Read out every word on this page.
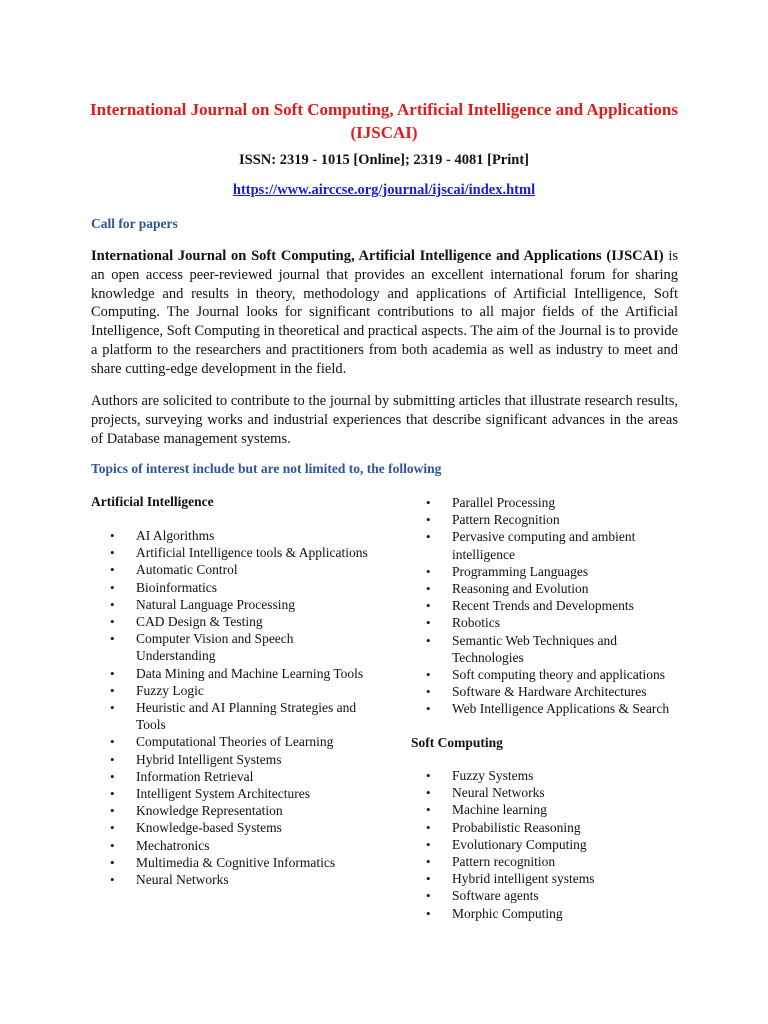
International Journal on Soft Computing, Artificial Intelligence and Applications (IJSCAI)
ISSN: 2319 - 1015 [Online]; 2319 - 4081 [Print]
https://www.airccse.org/journal/ijscai/index.html
Call for papers

International Journal on Soft Computing, Artificial Intelligence and Applications (IJSCAI) is an open access peer-reviewed journal that provides an excellent international forum for sharing knowledge and results in theory, methodology and applications of Artificial Intelligence, Soft Computing. The Journal looks for significant contributions to all major fields of the Artificial Intelligence, Soft Computing in theoretical and practical aspects. The aim of the Journal is to provide a platform to the researchers and practitioners from both academia as well as industry to meet and share cutting-edge development in the field.

Authors are solicited to contribute to the journal by submitting articles that illustrate research results, projects, surveying works and industrial experiences that describe significant advances in the areas of Database management systems.

Topics of interest include but are not limited to, the following
Artificial Intelligence
• AI Algorithms
• Artificial Intelligence tools & Applications
• Automatic Control
• Bioinformatics
• Natural Language Processing
• CAD Design & Testing
• Computer Vision and Speech Understanding
• Data Mining and Machine Learning Tools
• Fuzzy Logic
• Heuristic and AI Planning Strategies and Tools
• Computational Theories of Learning
• Hybrid Intelligent Systems
• Information Retrieval
• Intelligent System Architectures
• Knowledge Representation
• Knowledge-based Systems
• Mechatronics
• Multimedia & Cognitive Informatics
• Neural Networks
• Parallel Processing
• Pattern Recognition
• Pervasive computing and ambient intelligence
• Programming Languages
• Reasoning and Evolution
• Recent Trends and Developments
• Robotics
• Semantic Web Techniques and Technologies
• Soft computing theory and applications
• Software & Hardware Architectures
• Web Intelligence Applications & Search
Soft Computing
• Fuzzy Systems
• Neural Networks
• Machine learning
• Probabilistic Reasoning
• Evolutionary Computing
• Pattern recognition
• Hybrid intelligent systems
• Software agents
• Morphic Computing
